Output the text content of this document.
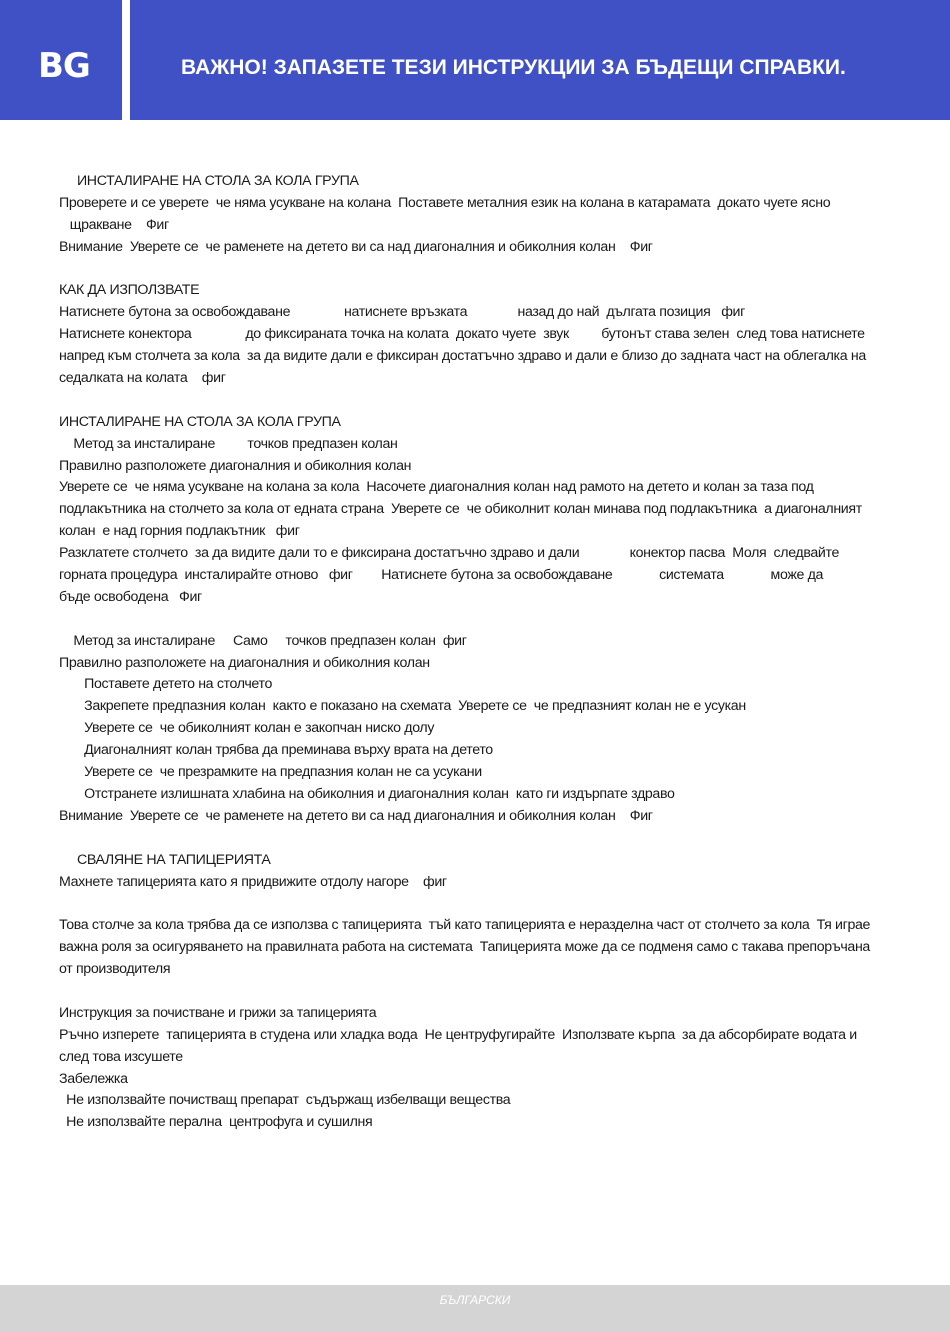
BG	ВАЖНО! ЗАПАЗЕТЕ ТЕЗИ ИНСТРУКЦИИ ЗА БЪДЕЩИ СПРАВКИ.
ИНСТАЛИРАНЕ НА СТОЛА ЗА КОЛА ГРУПА
Проверете и се уверете  че няма усукване на колана  Поставете металния език на колана в катарамата  докато чуете ясно
щракване    Фиг
Внимание  Уверете се  че раменете на детето ви са над диагоналния и обиколния колан    Фиг
КАК ДА ИЗПОЛЗВАТЕ
Натиснете бутона за освобождаване               натиснете връзката              назад до най  дългата позиция   фиг
Натиснете конектора               до фиксираната точка на колата  докато чуете  звук         бутонът става зелен  след това натиснете
напред към столчета за кола  за да видите дали е фиксиран достатъчно здраво и дали е близо до задната част на облегалка на
седалката на колата    фиг
ИНСТАЛИРАНЕ НА СТОЛА ЗА КОЛА ГРУПА
Метод за инсталиране         точков предпазен колан
Правилно разположете диагоналния и обиколния колан
Уверете се  че няма усукване на колана за кола  Насочете диагоналния колан над рамото на детето и колан за таза под
подлакътника на столчето за кола от едната страна  Уверете се  че обиколнит колан минава под подлакътника  а диагоналният
колан  е над горния подлакътник   фиг
Разклатете столчето  за да видите дали то е фиксирана достатъчно здраво и дали              конектор пасва  Моля  следвайте
горната процедура  инсталирайте отново   фиг        Натиснете бутона за освобождаване             системата             може да
бъде освободена   Фиг
Метод за инсталиране     Само     точков предпазен колан  фиг
Правилно разположете на диагоналния и обиколния колан
Поставете детето на столчето
Закрепете предпазния колан  както е показано на схемата  Уверете се  че предпазният колан не е усукан
Уверете се  че обиколният колан е закопчан ниско долу
Диагоналният колан трябва да преминава върху врата на детето
Уверете се  че презрамките на предпазния колан не са усукани
Отстранете излишната хлабина на обиколния и диагоналния колан  като ги издърпате здраво
Внимание  Уверете се  че раменете на детето ви са над диагоналния и обиколния колан    Фиг
СВАЛЯНЕ НА ТАПИЦЕРИЯТА
Махнете тапицерията като я придвижите отдолу нагоре    фиг
Това столче за кола трябва да се използва с тапицерията  тъй като тапицерията е неразделна част от столчето за кола  Тя играе
важна роля за осигуряването на правилната работа на системата  Тапицерията може да се подменя само с такава препоръчана
от производителя
Инструкция за почистване и грижи за тапицерията
Ръчно изперете  тапицерията в студена или хладка вода  Не центруфугирайте  Използвате кърпа  за да абсорбирате водата и
след това изсушете
Забележка
Не използвайте почистващ препарат  съдържащ избелващи вещества
Не използвайте перална  центрофуга и сушилня
БЪЛГАРСКИ
